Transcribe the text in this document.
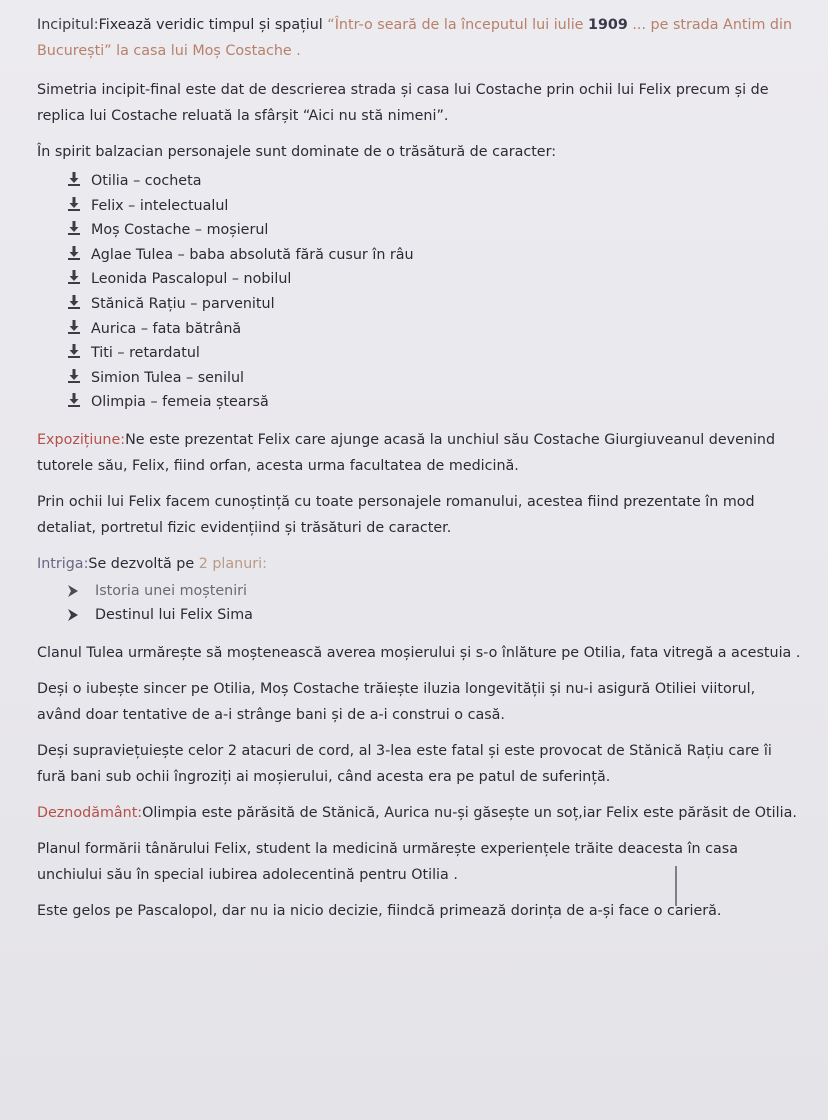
Incipitul:Fixează veridic timpul și spațiul “Într-o seară de la începutul lui iulie 1909 ... pe strada Antim din București” la casa lui Moș Costache .

Simetria incipit-final este dat de descrierea strada și casa lui Costache prin ochii lui Felix precum și de replica lui Costache reluată la sfârșit “Aici nu stă nimeni”.

În spirit balzacian personajele sunt dominate de o trăsătură de caracter:

Otilia – cocheta
Felix – intelectualul
Moș Costache – moșierul
Aglae Tulea – baba absolută fără cusur în râu
Leonida Pascalopul – nobilul
Stănică Rațiu – parvenitul
Aurica – fata bătrână
Titi – retardatul
Simion Tulea – senilul
Olimpia – femeia ștearsă

Expozițiune:Ne este prezentat Felix care ajunge acasă la unchiul său Costache Giurgiuveanul devenind tutorele său, Felix, fiind orfan, acesta urma facultatea de medicină.

Prin ochii lui Felix facem cunoștință cu toate personajele romanului, acestea fiind prezentate în mod detaliat, portretul fizic evidențiind și trăsături de caracter.

Intriga:Se dezvoltă pe 2 planuri:

Istoria unei moșteniri
Destinul lui Felix Sima

Clanul Tulea urmărește să moștenească averea moșierului și s-o înlăture pe Otilia, fata vitregă a acestuia .

Deși o iubește sincer pe Otilia, Moș Costache trăiește iluzia longevității și nu-i asigură Otiliei viitorul, având doar tentative de a-i strânge bani și de a-i construi o casă.

Deși supraviețuiește celor 2 atacuri de cord, al 3-lea este fatal și este provocat de Stănică Rațiu care îi fură bani sub ochii îngroziți ai moșierului, când acesta era pe patul de suferință.

Deznodământ:Olimpia este părăsită de Stănică, Aurica nu-și găsește un soț,iar Felix este părăsit de Otilia.

Planul formării tânărului Felix, student la medicină urmărește experiențele trăite deacesta în casa unchiului său în special iubirea adolecentină pentru Otilia .

Este gelos pe Pascalopol, dar nu ia nicio decizie, fiindcă primează dorința de a-și face o carieră.
